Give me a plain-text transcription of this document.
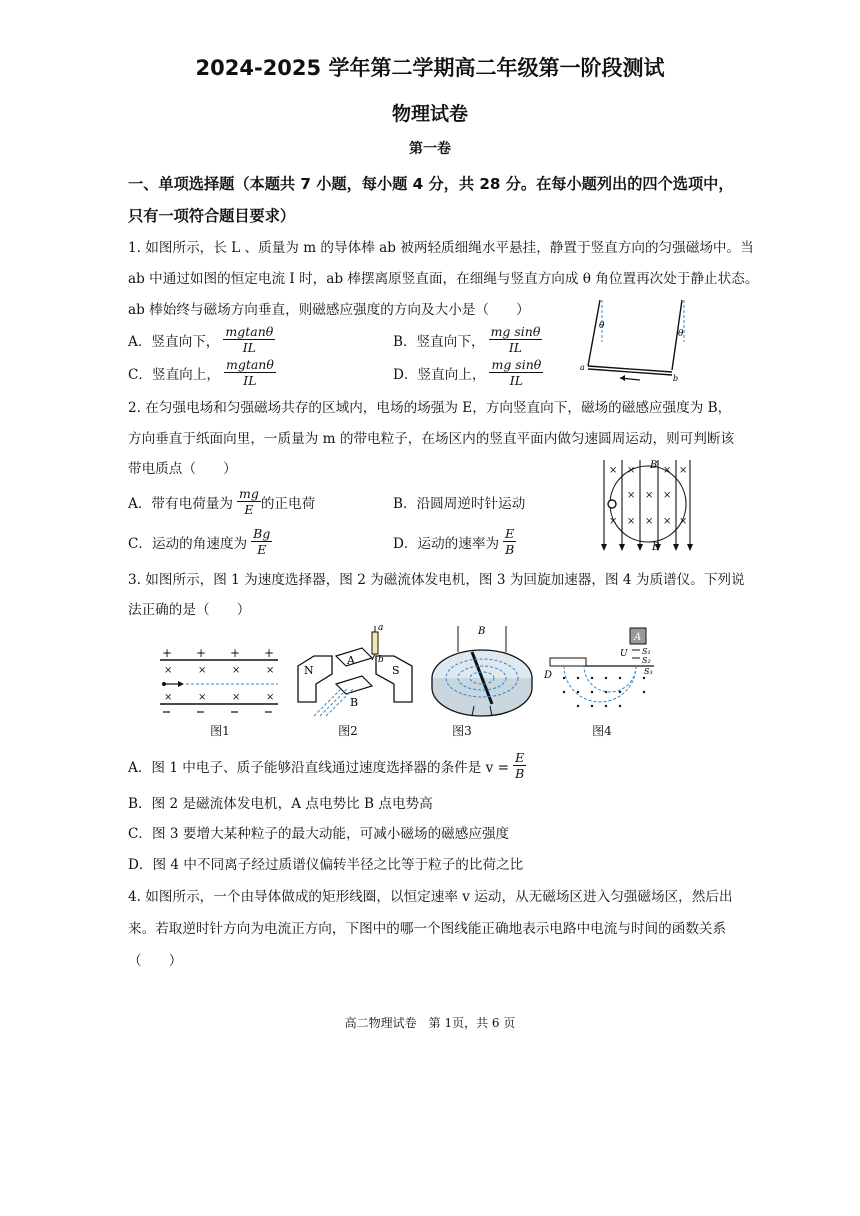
2024-2025 学年第二学期高二年级第一阶段测试
物理试卷
第一卷
一、单项选择题（本题共 7 小题，每小题 4 分，共 28 分。在每小题列出的四个选项中，
只有一项符合题目要求）
1. 如图所示，长 L 、质量为 m 的导体棒 ab 被两轻质细绳水平悬挂，静置于竖直方向的匀强磁场中。当
ab 中通过如图的恒定电流 I 时，ab 棒摆离原竖直面，在细绳与竖直方向成 θ 角位置再次处于静止状态。
ab 棒始终与磁场方向垂直，则磁感应强度的方向及大小是（　　）
A．竖直向下， $\frac{mgtan\theta}{IL}$	B．竖直向下， $\frac{\text{mg sinθ}}{IL}$
C．竖直向上， $\frac{mgtan\theta}{IL}$	D．竖直向上， $\frac{\text{mg sinθ}}{IL}$
θ
θ
a
b
2. 在匀强电场和匀强磁场共存的区域内，电场的场强为 E，方向竖直向下，磁场的磁感应强度为 B，
方向垂直于纸面向里，一质量为 m 的带电粒子，在场区内的竖直平面内做匀速圆周运动，则可判断该
带电质点（　　）
A．带有电荷量为 $\frac{mg}{E}$ 的正电荷	B．沿圆周逆时针运动
C．运动的角速度为 $\frac{Bg}{E}$	D．运动的速率为 $\frac{E}{B}$
× ×	× ×
× × ×
× × ×
×	×
B
E
3. 如图所示，图 1 为速度选择器，图 2 为磁流体发电机，图 3 为回旋加速器，图 4 为质谱仪。下列说
法正确的是（　　）
+ + + +
×	×	×	×
×	×	×	×
图1
N	S
A
B
a
b
图2
B
图3
A
U S₁
S₂
S₃
D
图4
A．图 1 中电子、质子能够沿直线通过速度选择器的条件是 $v = \frac{E}{B}$
B．图 2 是磁流体发电机，A 点电势比 B 点电势高
C．图 3 要增大某种粒子的最大动能，可减小磁场的磁感应强度
D．图 4 中不同离子经过质谱仪偏转半径之比等于粒子的比荷之比
4. 如图所示，一个由导体做成的矩形线圈，以恒定速率 v 运动，从无磁场区进入匀强磁场区，然后出
来。若取逆时针方向为电流正方向，下图中的哪一个图线能正确地表示电路中电流与时间的函数关系
（　　）
高二物理试卷　第 1页，共 6 页
